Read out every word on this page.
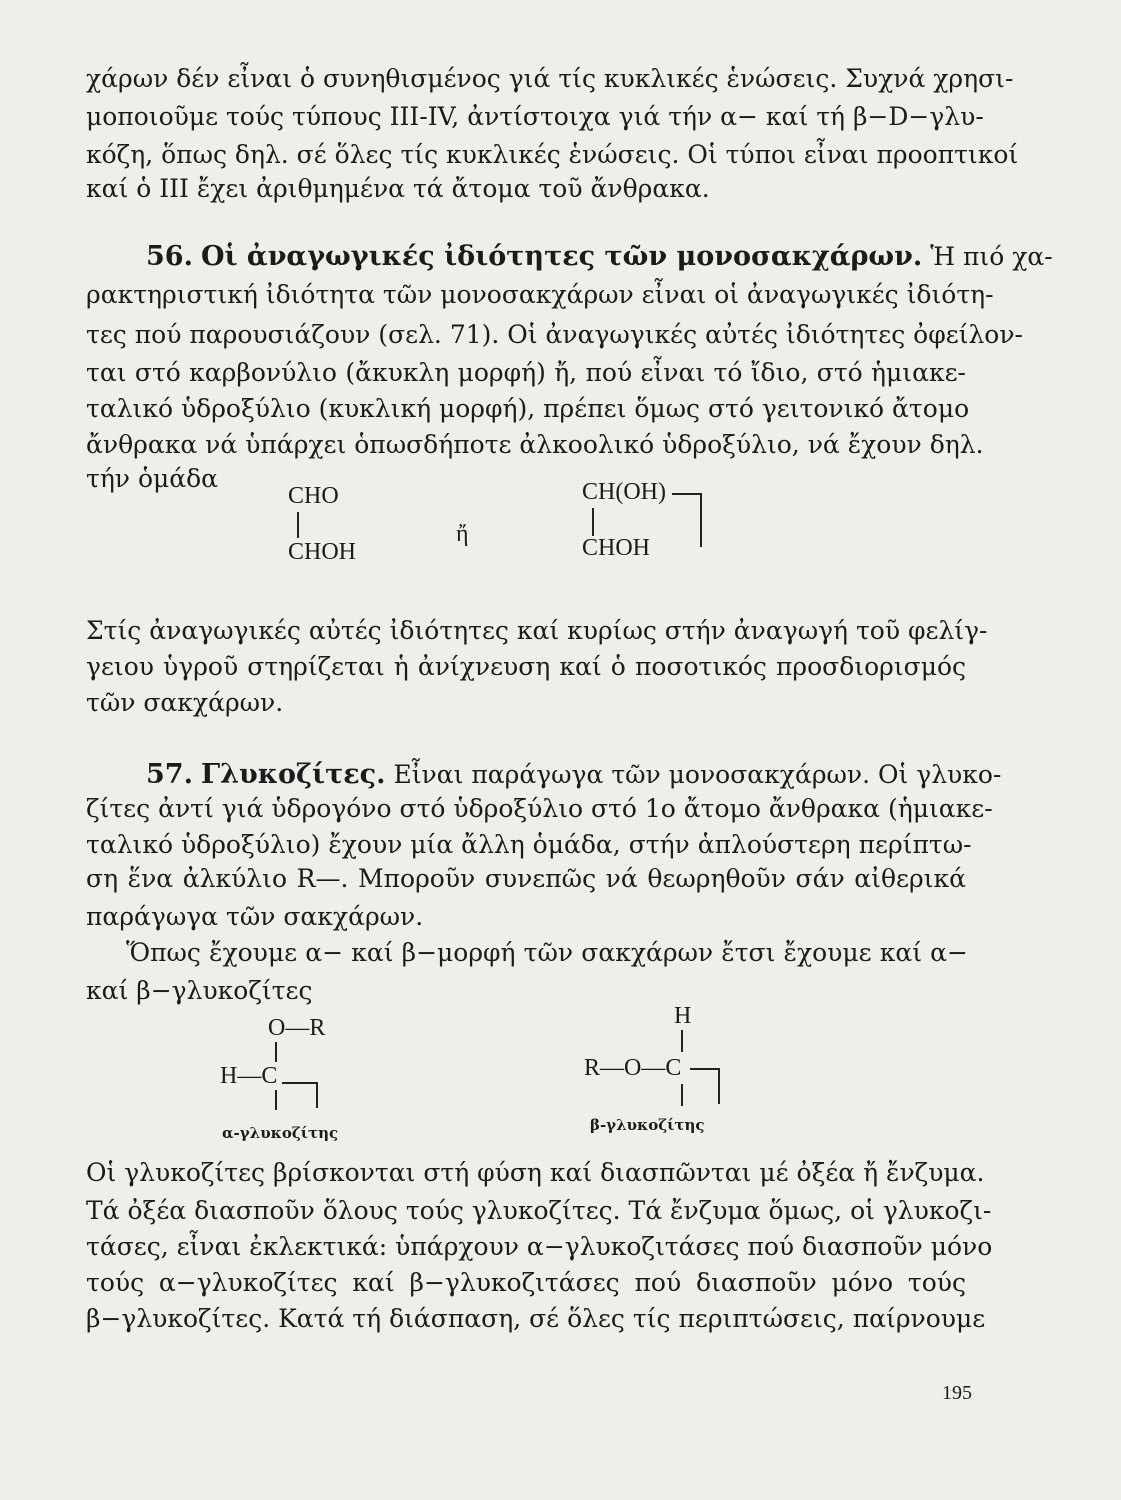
χάρων δέν εἶναι ὁ συνηθισμένος γιά τίς κυκλικές ἑνώσεις. Συχνά χρησι-
μοποιοῦμε τούς τύπους III-IV, ἀντίστοιχα γιά τήν α− καί τή β−D−γλυ-
κόζη, ὅπως δηλ. σέ ὅλες τίς κυκλικές ἑνώσεις. Οἱ τύποι εἶναι προοπτικοί
καί ὁ III ἔχει ἀριθμημένα τά ἄτομα τοῦ ἄνθρακα.
56. Οἱ ἀναγωγικές ἰδιότητες τῶν μονοσακχάρων. Ἡ πιό χα-
ρακτηριστική ἰδιότητα τῶν μονοσακχάρων εἶναι οἱ ἀναγωγικές ἰδιότη-
τες πού παρουσιάζουν (σελ. 71). Οἱ ἀναγωγικές αὐτές ἰδιότητες ὀφείλον-
ται στό καρβονύλιο (ἄκυκλη μορφή) ἤ, πού εἶναι τό ἴδιο, στό ἡμιακε-
ταλικό ὑδροξύλιο (κυκλική μορφή), πρέπει ὅμως στό γειτονικό ἄτομο
ἄνθρακα νά ὑπάρχει ὁπωσδήποτε ἀλκοολικό ὑδροξύλιο, νά ἔχουν δηλ.
τήν ὁμάδα
CHO
CHOH
ἤ
CH(OH)
CHOH
Στίς ἀναγωγικές αὐτές ἰδιότητες καί κυρίως στήν ἀναγωγή τοῦ φελίγ-
γειου ὑγροῦ στηρίζεται ἡ ἀνίχνευση καί ὁ ποσοτικός προσδιορισμός
τῶν σακχάρων.
57. Γλυκοζίτες. Εἶναι παράγωγα τῶν μονοσακχάρων. Οἱ γλυκο-
ζίτες ἀντί γιά ὑδρογόνο στό ὑδροξύλιο στό 1ο ἄτομο ἄνθρακα (ἡμιακε-
ταλικό ὑδροξύλιο) ἔχουν μία ἄλλη ὁμάδα, στήν ἁπλούστερη περίπτω-
ση ἕνα ἀλκύλιο R—. Μποροῦν συνεπῶς νά θεωρηθοῦν σάν αἰθερικά
παράγωγα τῶν σακχάρων.
Ὅπως ἔχουμε α− καί β−μορφή τῶν σακχάρων ἔτσι ἔχουμε καί α−
καί β−γλυκοζίτες
O—R
H—C
α-γλυκοζίτης
H
R—O—C
β-γλυκοζίτης
Οἱ γλυκοζίτες βρίσκονται στή φύση καί διασπῶνται μέ ὀξέα ἤ ἔνζυμα.
Τά ὀξέα διασποῦν ὅλους τούς γλυκοζίτες. Τά ἔνζυμα ὅμως, οἱ γλυκοζι-
τάσες, εἶναι ἐκλεκτικά: ὑπάρχουν α−γλυκοζιτάσες πού διασποῦν μόνο
τούς α−γλυκοζίτες καί β−γλυκοζιτάσες πού διασποῦν μόνο τούς
β−γλυκοζίτες. Κατά τή διάσπαση, σέ ὅλες τίς περιπτώσεις, παίρνουμε
195
